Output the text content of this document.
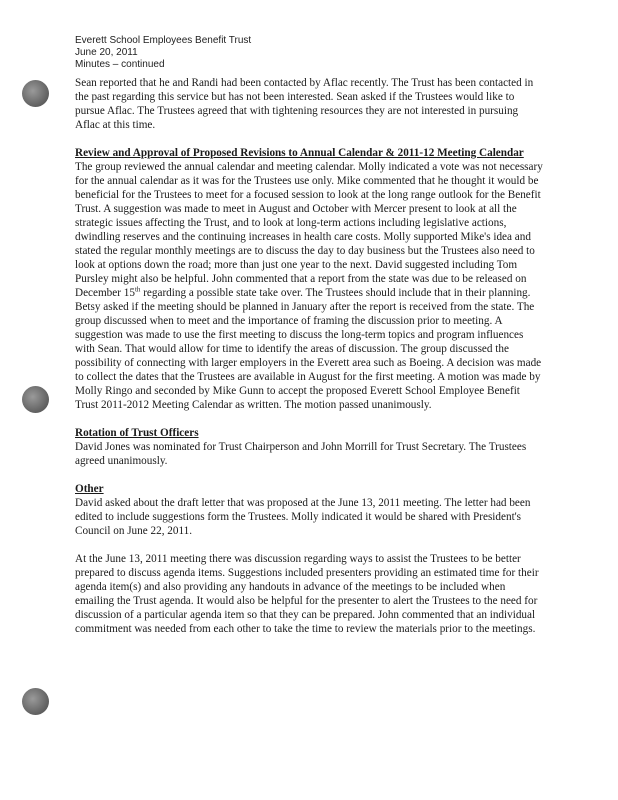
Everett School Employees Benefit Trust
June 20, 2011
Minutes – continued

Sean reported that he and Randi had been contacted by Aflac recently. The Trust has been contacted in the past regarding this service but has not been interested. Sean asked if the Trustees would like to pursue Aflac. The Trustees agreed that with tightening resources they are not interested in pursuing Aflac at this time.

Review and Approval of Proposed Revisions to Annual Calendar & 2011-12 Meeting Calendar

The group reviewed the annual calendar and meeting calendar. Molly indicated a vote was not necessary for the annual calendar as it was for the Trustees use only. Mike commented that he thought it would be beneficial for the Trustees to meet for a focused session to look at the long range outlook for the Benefit Trust. A suggestion was made to meet in August and October with Mercer present to look at all the strategic issues affecting the Trust, and to look at long-term actions including legislative actions, dwindling reserves and the continuing increases in health care costs. Molly supported Mike's idea and stated the regular monthly meetings are to discuss the day to day business but the Trustees also need to look at options down the road; more than just one year to the next. David suggested including Tom Pursley might also be helpful. John commented that a report from the state was due to be released on December 15th regarding a possible state take over. The Trustees should include that in their planning. Betsy asked if the meeting should be planned in January after the report is received from the state. The group discussed when to meet and the importance of framing the discussion prior to meeting. A suggestion was made to use the first meeting to discuss the long-term topics and program influences with Sean. That would allow for time to identify the areas of discussion. The group discussed the possibility of connecting with larger employers in the Everett area such as Boeing. A decision was made to collect the dates that the Trustees are available in August for the first meeting. A motion was made by Molly Ringo and seconded by Mike Gunn to accept the proposed Everett School Employee Benefit Trust 2011-2012 Meeting Calendar as written. The motion passed unanimously.

Rotation of Trust Officers

David Jones was nominated for Trust Chairperson and John Morrill for Trust Secretary. The Trustees agreed unanimously.

Other

David asked about the draft letter that was proposed at the June 13, 2011 meeting. The letter had been edited to include suggestions form the Trustees. Molly indicated it would be shared with President's Council on June 22, 2011.

At the June 13, 2011 meeting there was discussion regarding ways to assist the Trustees to be better prepared to discuss agenda items. Suggestions included presenters providing an estimated time for their agenda item(s) and also providing any handouts in advance of the meetings to be included when emailing the Trust agenda. It would also be helpful for the presenter to alert the Trustees to the need for discussion of a particular agenda item so that they can be prepared. John commented that an individual commitment was needed from each other to take the time to review the materials prior to the meetings.
